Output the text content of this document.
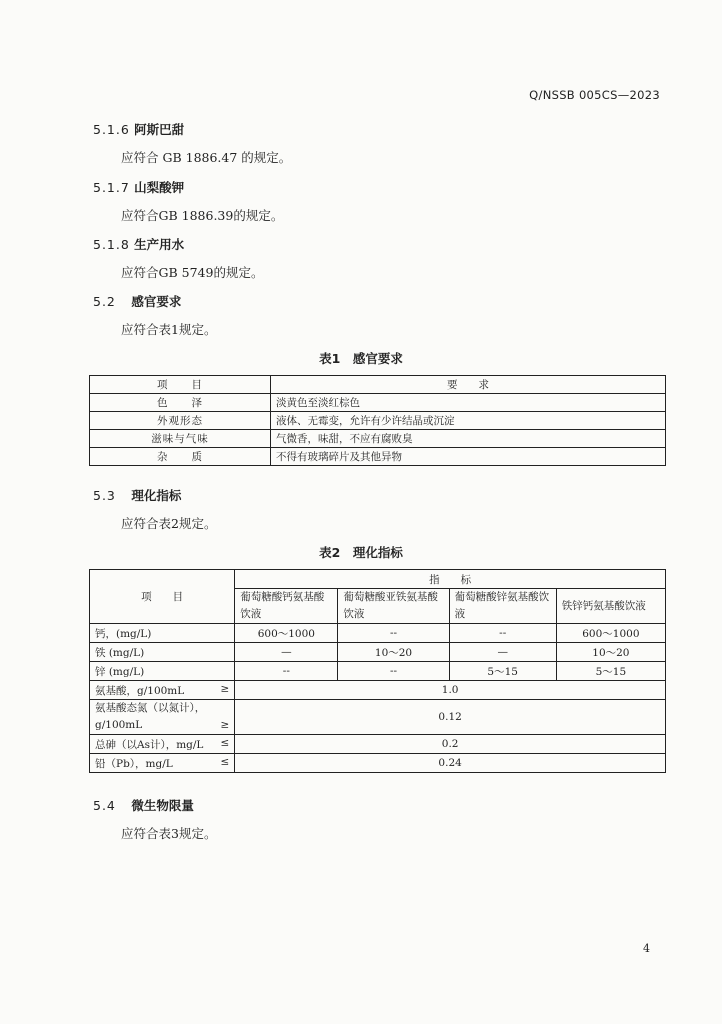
Q/NSSB 005CS—2023
5.1.6 阿斯巴甜
应符合 GB 1886.47 的规定。
5.1.7 山梨酸钾
应符合GB 1886.39的规定。
5.1.8 生产用水
应符合GB 5749的规定。
5.2 感官要求
应符合表1规定。
表1　感官要求
项　　目	要　　求
色　　泽	淡黄色至淡红棕色
外观形态	液体、无霉变，允许有少许结晶或沉淀
滋味与气味	气微香，味甜，不应有腐败臭
杂　　质	不得有玻璃碎片及其他异物
5.3 理化指标
应符合表2规定。
表2　理化指标
项　　目	指　　标			
	葡萄糖酸钙氨基酸饮液	葡萄糖酸亚铁氨基酸饮液	葡萄糖酸锌氨基酸饮液	铁锌钙氨基酸饮液
钙，(mg/L)	600～1000	--	--	600～1000
铁 (mg/L)	—	10～20	—	10～20
锌 (mg/L)	--	--	5～15	5～15

氨基酸，g/100mL ≥	1.0			
氨基酸态氮（以氮计），g/100mL ≥	0.12			

总砷（以As计），mg/L ≤	0.2			

铅（Pb），mg/L ≤	0.24			
5.4 微生物限量
应符合表3规定。
4
